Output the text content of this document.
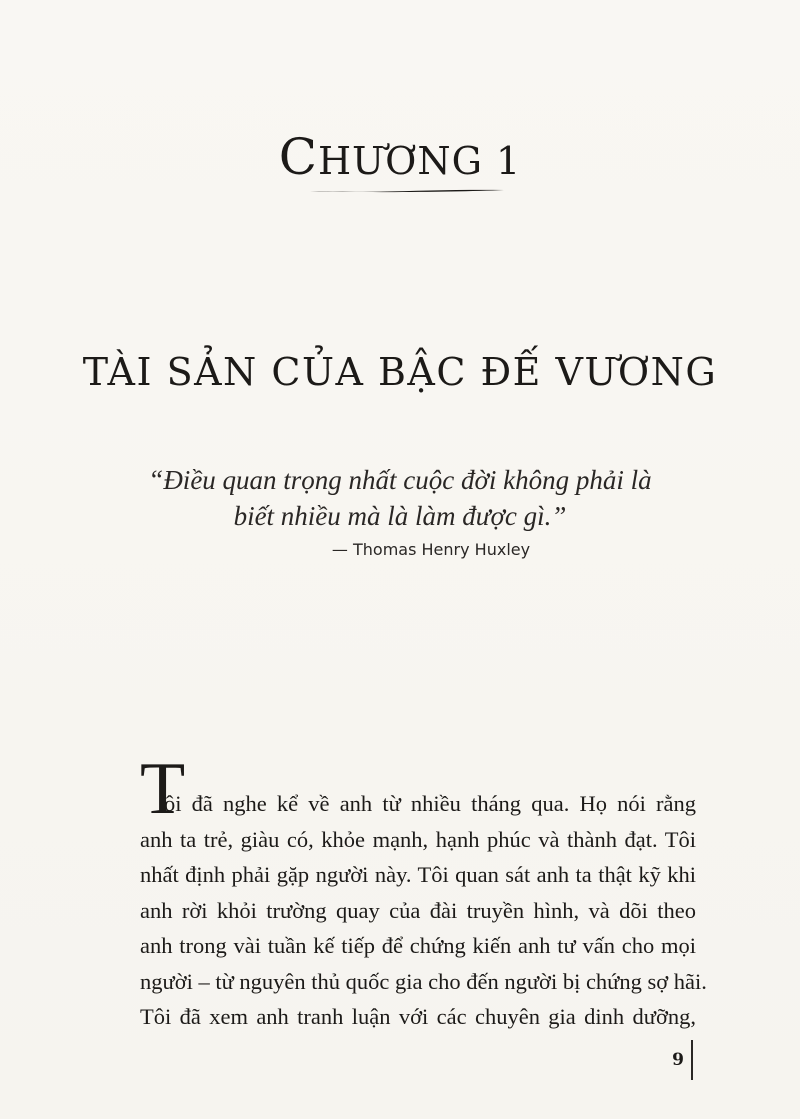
CHƯƠNG 1
TÀI SẢN CỦA BẬC ĐẾ VƯƠNG
“Điều quan trọng nhất cuộc đời không phải là
biết nhiều mà là làm được gì.”
— Thomas Henry Huxley
T
ôi đã nghe kể về anh từ nhiều tháng qua. Họ nói rằng
anh ta trẻ, giàu có, khỏe mạnh, hạnh phúc và thành đạt. Tôi
nhất định phải gặp người này. Tôi quan sát anh ta thật kỹ khi
anh rời khỏi trường quay của đài truyền hình, và dõi theo
anh trong vài tuần kế tiếp để chứng kiến anh tư vấn cho mọi
người – từ nguyên thủ quốc gia cho đến người bị chứng sợ hãi.
Tôi đã xem anh tranh luận với các chuyên gia dinh dưỡng,
9
